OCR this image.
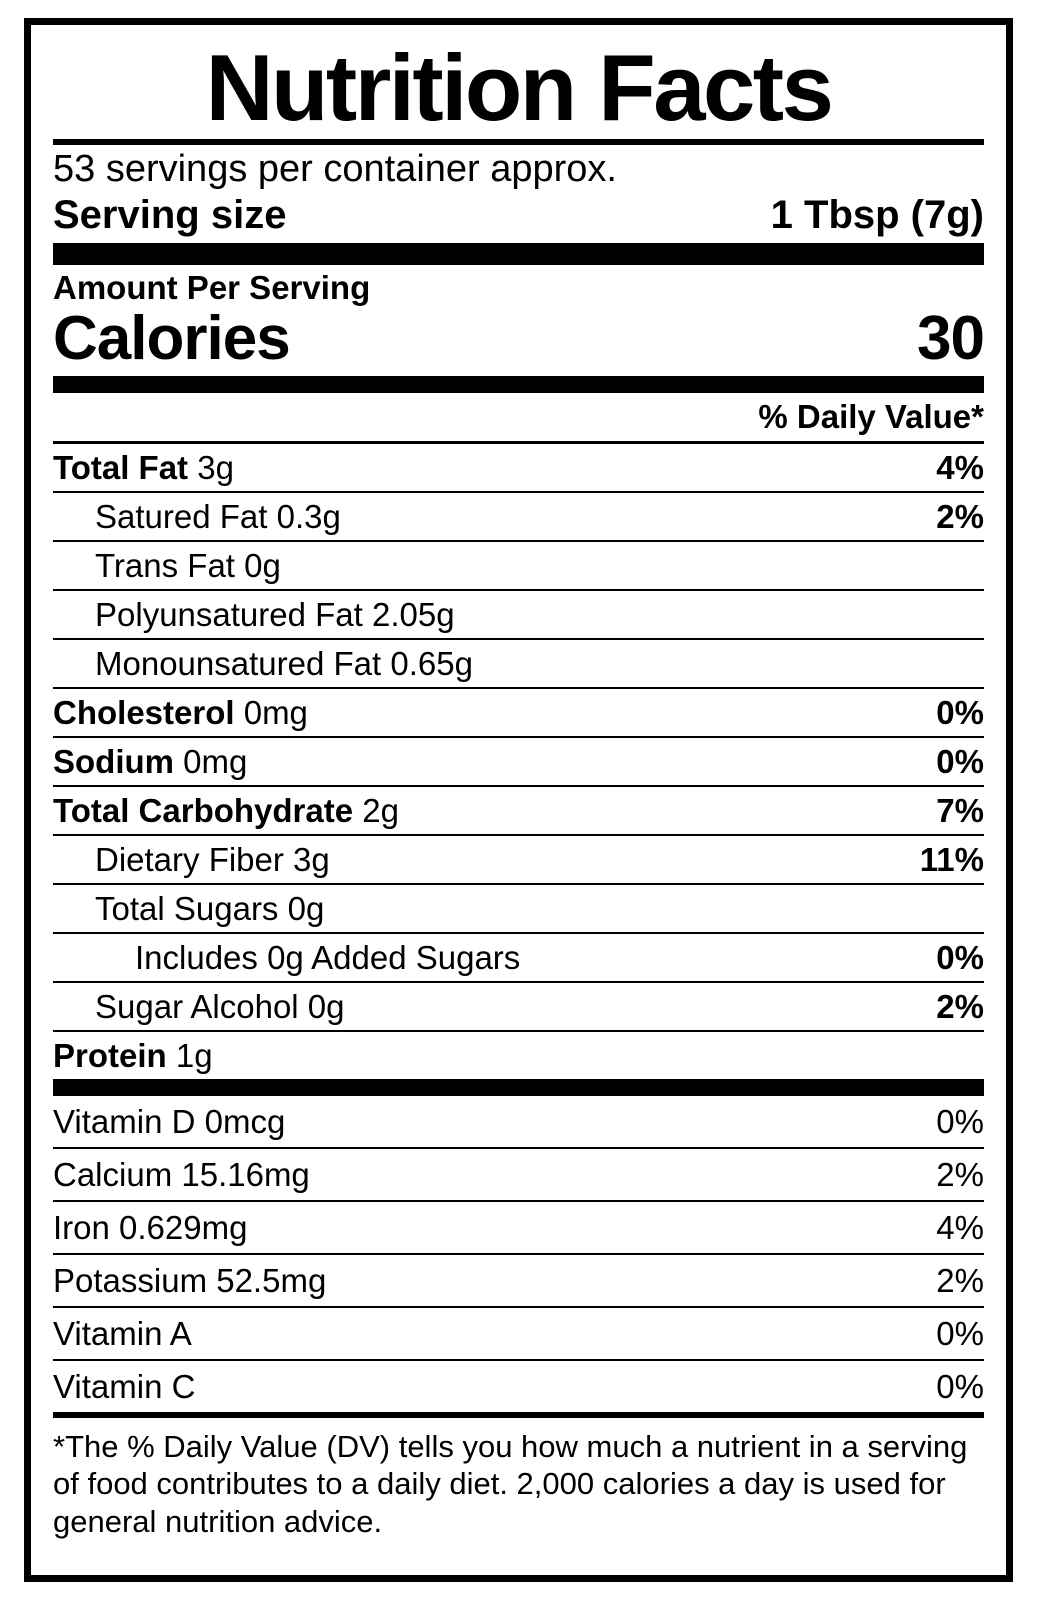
Nutrition Facts
53 servings per container approx.
Serving size	1 Tbsp (7g)
Amount Per Serving
Calories	30
% Daily Value*
Total Fat 3g	4%
Satured Fat 0.3g	2%
Trans Fat 0g
Polyunsatured Fat 2.05g
Monounsatured Fat 0.65g
Cholesterol 0mg	0%
Sodium 0mg	0%
Total Carbohydrate 2g	7%
Dietary Fiber 3g	11%
Total Sugars 0g
Includes 0g Added Sugars	0%
Sugar Alcohol 0g	2%
Protein 1g
Vitamin D 0mcg	0%
Calcium 15.16mg	2%
Iron 0.629mg	4%
Potassium 52.5mg	2%
Vitamin A	0%
Vitamin C	0%
*The % Daily Value (DV) tells you how much a nutrient in a serving of food contributes to a daily diet. 2,000 calories a day is used for general nutrition advice.
